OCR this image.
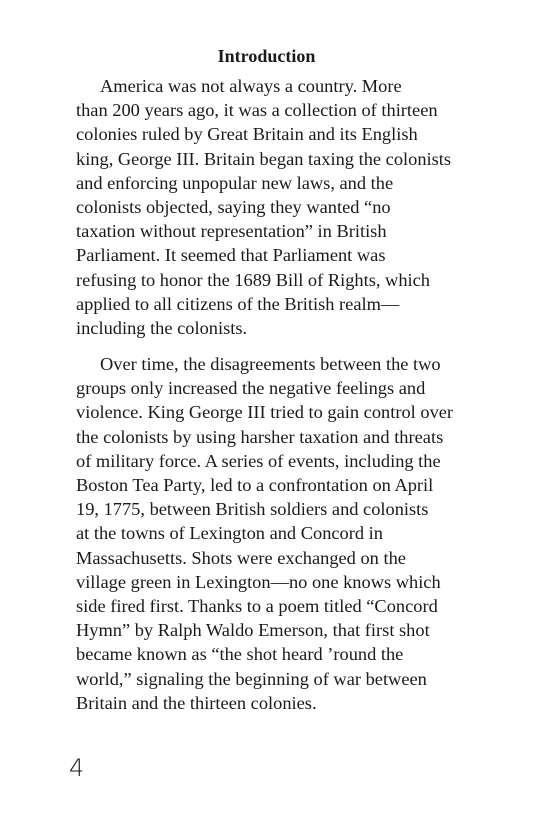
Introduction

America was not always a country. More
than 200 years ago, it was a collection of thirteen
colonies ruled by Great Britain and its English
king, George III. Britain began taxing the colonists
and enforcing unpopular new laws, and the
colonists objected, saying they wanted “no
taxation without representation” in British
Parliament. It seemed that Parliament was
refusing to honor the 1689 Bill of Rights, which
applied to all citizens of the British realm—
including the colonists.

Over time, the disagreements between the two
groups only increased the negative feelings and
violence. King George III tried to gain control over
the colonists by using harsher taxation and threats
of military force. A series of events, including the
Boston Tea Party, led to a confrontation on April
19, 1775, between British soldiers and colonists
at the towns of Lexington and Concord in
Massachusetts. Shots were exchanged on the
village green in Lexington—no one knows which
side fired first. Thanks to a poem titled “Concord
Hymn” by Ralph Waldo Emerson, that first shot
became known as “the shot heard ’round the
world,” signaling the beginning of war between
Britain and the thirteen colonies.

4
